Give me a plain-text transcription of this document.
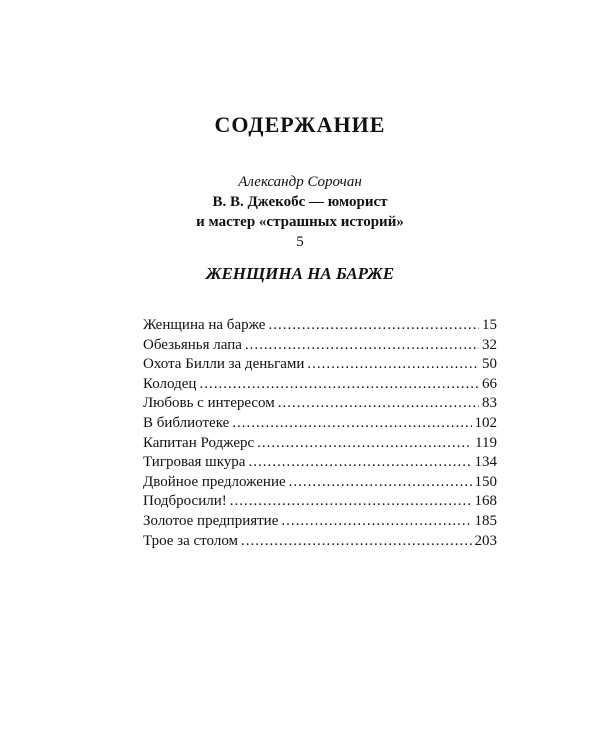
СОДЕРЖАНИЕ
Александр Сорочан
В. В. Джекобс — юморист
и мастер «страшных историй»
5
ЖЕНЩИНА НА БАРЖЕ
Женщина на барже .....	15
Обезьянья лапа .....	32
Охота Билли за деньгами .....	50
Колодец .....	66
Любовь с интересом .....	83
В библиотеке .....	102
Капитан Роджерс .....	119
Тигровая шкура .....	134
Двойное предложение .....	150
Подбросили! .....	168
Золотое предприятие .....	185
Трое за столом .....	203
